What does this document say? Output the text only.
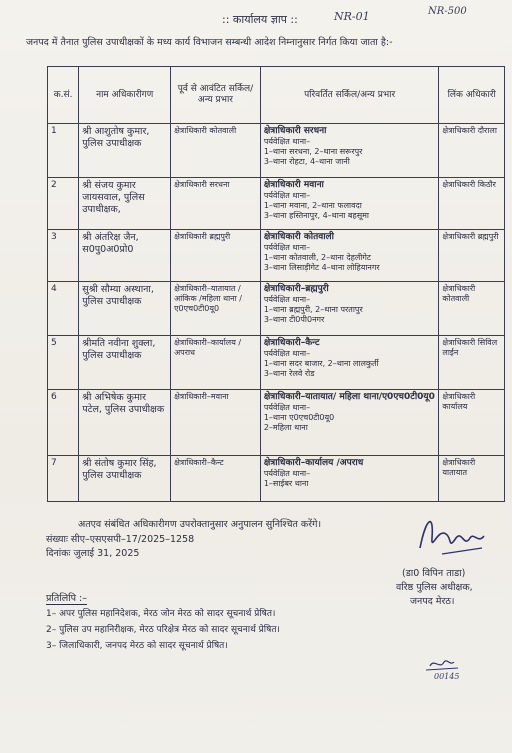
:: कार्यालय ज्ञाप ::	NR-01	NR-500
जनपद में तैनात पुलिस उपाधीक्षकों के मध्य कार्य विभाजन सम्बन्धी आदेश निम्नानुसार निर्गत किया जाता है:-
क.सं.	नाम अधिकारीगण	पूर्व से आवंटित सर्किल/अन्य प्रभार	परिवर्तित सर्किल/अन्य प्रभार	लिंक अधिकारी
1	श्री आशुतोष कुमार, पुलिस उपाधीक्षक	क्षेत्राधिकारी कोतवाली	क्षेत्राधिकारी सरधना
पर्यवेक्षित थाना–
1–थाना सरधना, 2–थाना सरूरपुर
3–थाना रोहटा, 4–थाना जानी	क्षेत्राधिकारी दौराला
2	श्री संजय कुमार जायसवाल, पुलिस उपाधीक्षक,	क्षेत्राधिकारी सरधना	क्षेत्राधिकारी मवाना
पर्यवेक्षित थाना–
1–थाना मवाना, 2–थाना फलावदा
3–थाना हस्तिनापुर, 4–थाना बहसूमा	क्षेत्राधिकारी किठौर
3	श्री अंतरिक्ष जैन, स0पु0अ0प्रो0	क्षेत्राधिकारी ब्रह्मपुरी	क्षेत्राधिकारी कोतवाली
पर्यवेक्षित थाना–
1–थाना कोतवाली, 2–थाना देहलीगेट
3–थाना लिसाड़ीगेट 4–थाना लोहियानगर	क्षेत्राधिकारी ब्रह्मपुरी
4	सुश्री सौम्या अस्थाना, पुलिस उपाधीक्षक	क्षेत्राधिकारी–यातायात /आंकिक /महिला थाना /ए0एच0टी0यू0	क्षेत्राधिकारी–ब्रह्मपुरी
पर्यवेक्षित थाना–
1–थाना ब्रह्मपुरी, 2–थाना परतापुर
3–थाना टी0पी0नगर	क्षेत्राधिकारी कोतवाली
5	श्रीमति नवीना शुक्ला, पुलिस उपाधीक्षक	क्षेत्राधिकारी–कार्यालय /अपराध	क्षेत्राधिकारी–कैन्ट
पर्यवेक्षित थाना–
1–थाना सदर बाजार, 2–थाना लालकुर्ती
3–थाना रेलवे रोड	क्षेत्राधिकारी सिविल लाईन
6	श्री अभिषेक कुमार पटेल, पुलिस उपाधीक्षक	क्षेत्राधिकारी–मवाना	क्षेत्राधिकारी–यातायात/ महिला थाना/ए0एच0टी0यू0
पर्यवेक्षित थाना–
1–थाना ए0एच0टी0यू0
2–महिला थाना	क्षेत्राधिकारी कार्यालय
7	श्री संतोष कुमार सिंह, पुलिस उपाधीक्षक	क्षेत्राधिकारी–कैन्ट	क्षेत्राधिकारी–कार्यालय /अपराध
पर्यवेक्षित थाना–
1–साईबर थाना	क्षेत्राधिकारी यातायात
अतएव संबंधित अधिकारीगण उपरोक्तानुसार अनुपालन सुनिश्चित करेंगे।
संख्याः सीए–एसएसपी–17/2025–1258
दिनांकः जुलाई 31, 2025
(डा0 विपिन ताडा)
वरिष्ठ पुलिस अधीक्षक,
जनपद मेरठ।
प्रतिलिपि :–
1– अपर पुलिस महानिदेशक, मेरठ जोन मेरठ को सादर सूचनार्थ प्रेषित।
2– पुलिस उप महानिरीक्षक, मेरठ परिक्षेत्र मेरठ को सादर सूचनार्थ प्रेषित।
3– जिलाधिकारी, जनपद मेरठ को सादर सूचनार्थ प्रेषित।
00145
